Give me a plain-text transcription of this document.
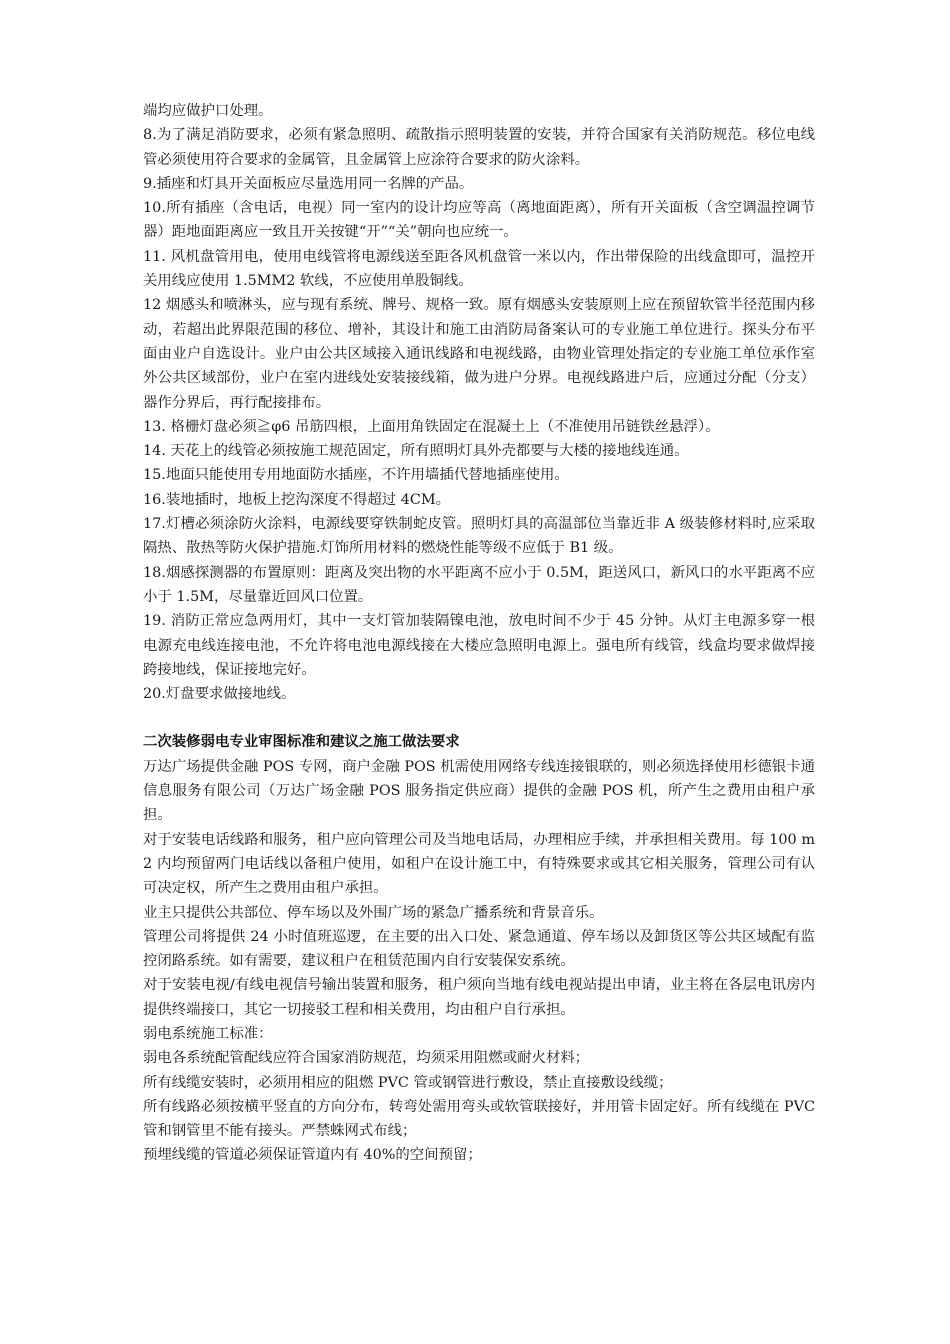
端均应做护口处理。

8.为了满足消防要求，必须有紧急照明、疏散指示照明装置的安装，并符合国家有关消防规范。移位电线管必须使用符合要求的金属管，且金属管上应涂符合要求的防火涂料。

9.插座和灯具开关面板应尽量选用同一名牌的产品。

10.所有插座（含电话，电视）同一室内的设计均应等高（离地面距离），所有开关面板（含空调温控调节器）距地面距离应一致且开关按键“开”“关”朝向也应统一。

11. 风机盘管用电，使用电线管将电源线送至距各风机盘管一米以内，作出带保险的出线盒即可，温控开关用线应使用 1.5MM2 软线，不应使用单股铜线。

12 烟感头和喷淋头，应与现有系统、牌号、规格一致。原有烟感头安装原则上应在预留软管半径范围内移动，若超出此界限范围的移位、增补，其设计和施工由消防局备案认可的专业施工单位进行。探头分布平面由业户自选设计。业户由公共区域接入通讯线路和电视线路，由物业管理处指定的专业施工单位承作室外公共区域部份，业户在室内进线处安装接线箱，做为进户分界。电视线路进户后，应通过分配（分支）器作分界后，再行配接排布。

13. 格栅灯盘必须≧φ6 吊筋四根，上面用角铁固定在混凝土上（不准使用吊链铁丝悬浮）。

14. 天花上的线管必须按施工规范固定，所有照明灯具外壳都要与大楼的接地线连通。

15.地面只能使用专用地面防水插座，不许用墙插代替地插座使用。

16.装地插时，地板上挖沟深度不得超过 4CM。

17.灯槽必须涂防火涂料，电源线要穿铁制蛇皮管。照明灯具的高温部位当靠近非 A 级装修材料时,应采取隔热、散热等防火保护措施.灯饰所用材料的燃烧性能等级不应低于 B1 级。

18.烟感探测器的布置原则：距离及突出物的水平距离不应小于 0.5M，距送风口，新风口的水平距离不应小于 1.5M，尽量靠近回风口位置。

19. 消防正常应急两用灯，其中一支灯管加装隔镍电池，放电时间不少于 45 分钟。从灯主电源多穿一根电源充电线连接电池，不允许将电池电源线接在大楼应急照明电源上。强电所有线管，线盒均要求做焊接跨接地线，保证接地完好。

20.灯盘要求做接地线。

二次装修弱电专业审图标准和建议之施工做法要求

万达广场提供金融 POS 专网，商户金融 POS 机需使用网络专线连接银联的，则必须选择使用杉德银卡通信息服务有限公司（万达广场金融 POS 服务指定供应商）提供的金融 POS 机，所产生之费用由租户承担。

对于安装电话线路和服务，租户应向管理公司及当地电话局，办理相应手续，并承担相关费用。每 100 m2 内均预留两门电话线以备租户使用，如租户在设计施工中，有特殊要求或其它相关服务，管理公司有认可决定权，所产生之费用由租户承担。

业主只提供公共部位、停车场以及外围广场的紧急广播系统和背景音乐。

管理公司将提供 24 小时值班巡逻，在主要的出入口处、紧急通道、停车场以及卸货区等公共区域配有监控闭路系统。如有需要，建议租户在租赁范围内自行安装保安系统。

对于安装电视/有线电视信号输出装置和服务，租户须向当地有线电视站提出申请，业主将在各层电讯房内提供终端接口，其它一切接驳工程和相关费用，均由租户自行承担。

弱电系统施工标准：

弱电各系统配管配线应符合国家消防规范，均须采用阻燃或耐火材料；

所有线缆安装时，必须用相应的阻燃 PVC 管或钢管进行敷设，禁止直接敷设线缆；

所有线路必须按横平竖直的方向分布，转弯处需用弯头或软管联接好，并用管卡固定好。所有线缆在 PVC 管和钢管里不能有接头。严禁蛛网式布线；

预埋线缆的管道必须保证管道内有 40%的空间预留；
